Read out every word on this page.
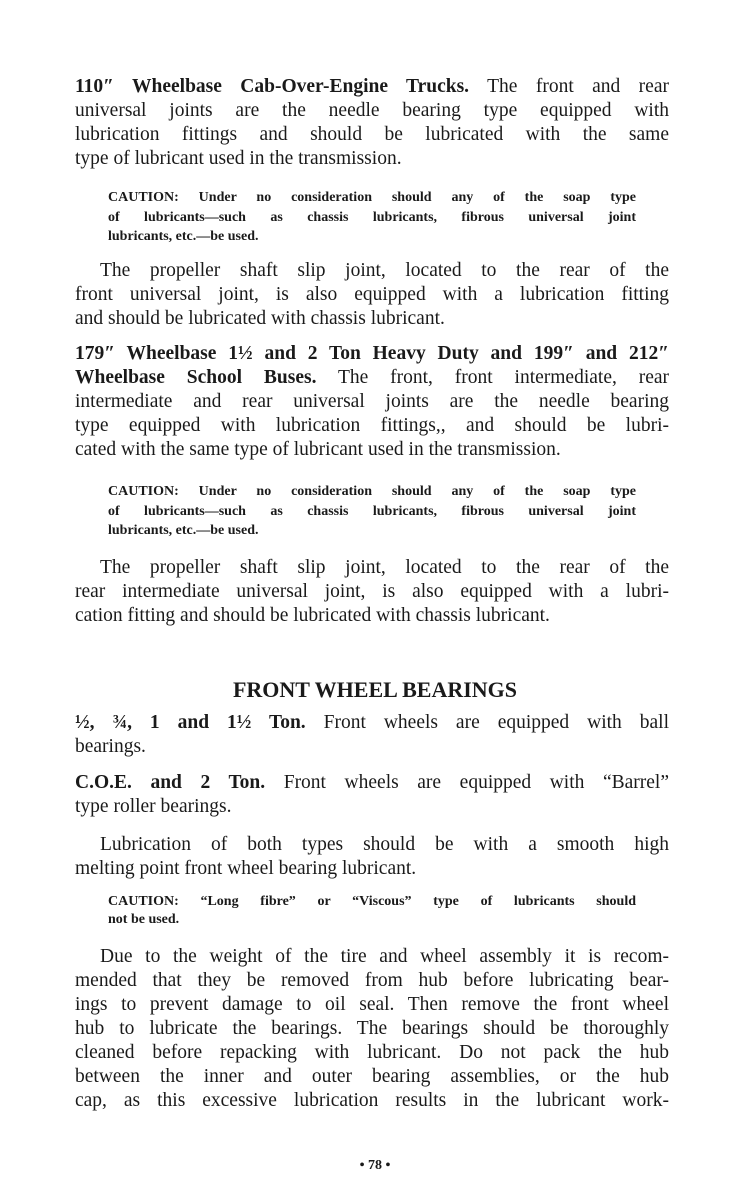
110″ Wheelbase Cab-Over-Engine Trucks. The front and rear
universal joints are the needle bearing type equipped with
lubrication fittings and should be lubricated with the same
type of lubricant used in the transmission.
CAUTION: Under no consideration should any of the soap type
of lubricants—such as chassis lubricants, fibrous universal joint
lubricants, etc.—be used.
The propeller shaft slip joint, located to the rear of the
front universal joint, is also equipped with a lubrication fitting
and should be lubricated with chassis lubricant.
179″ Wheelbase 1½ and 2 Ton Heavy Duty and 199″ and 212″
Wheelbase School Buses. The front, front intermediate, rear
intermediate and rear universal joints are the needle bearing
type equipped with lubrication fittings,, and should be lubri-
cated with the same type of lubricant used in the transmission.
CAUTION: Under no consideration should any of the soap type
of lubricants—such as chassis lubricants, fibrous universal joint
lubricants, etc.—be used.
The propeller shaft slip joint, located to the rear of the
rear intermediate universal joint, is also equipped with a lubri-
cation fitting and should be lubricated with chassis lubricant.
FRONT WHEEL BEARINGS
½, ¾, 1 and 1½ Ton. Front wheels are equipped with ball
bearings.
C.O.E. and 2 Ton. Front wheels are equipped with “Barrel”
type roller bearings.
Lubrication of both types should be with a smooth high
melting point front wheel bearing lubricant.
CAUTION: “Long fibre” or “Viscous” type of lubricants should
not be used.
Due to the weight of the tire and wheel assembly it is recom-
mended that they be removed from hub before lubricating bear-
ings to prevent damage to oil seal. Then remove the front wheel
hub to lubricate the bearings. The bearings should be thoroughly
cleaned before repacking with lubricant. Do not pack the hub
between the inner and outer bearing assemblies, or the hub
cap, as this excessive lubrication results in the lubricant work-
• 78 •
